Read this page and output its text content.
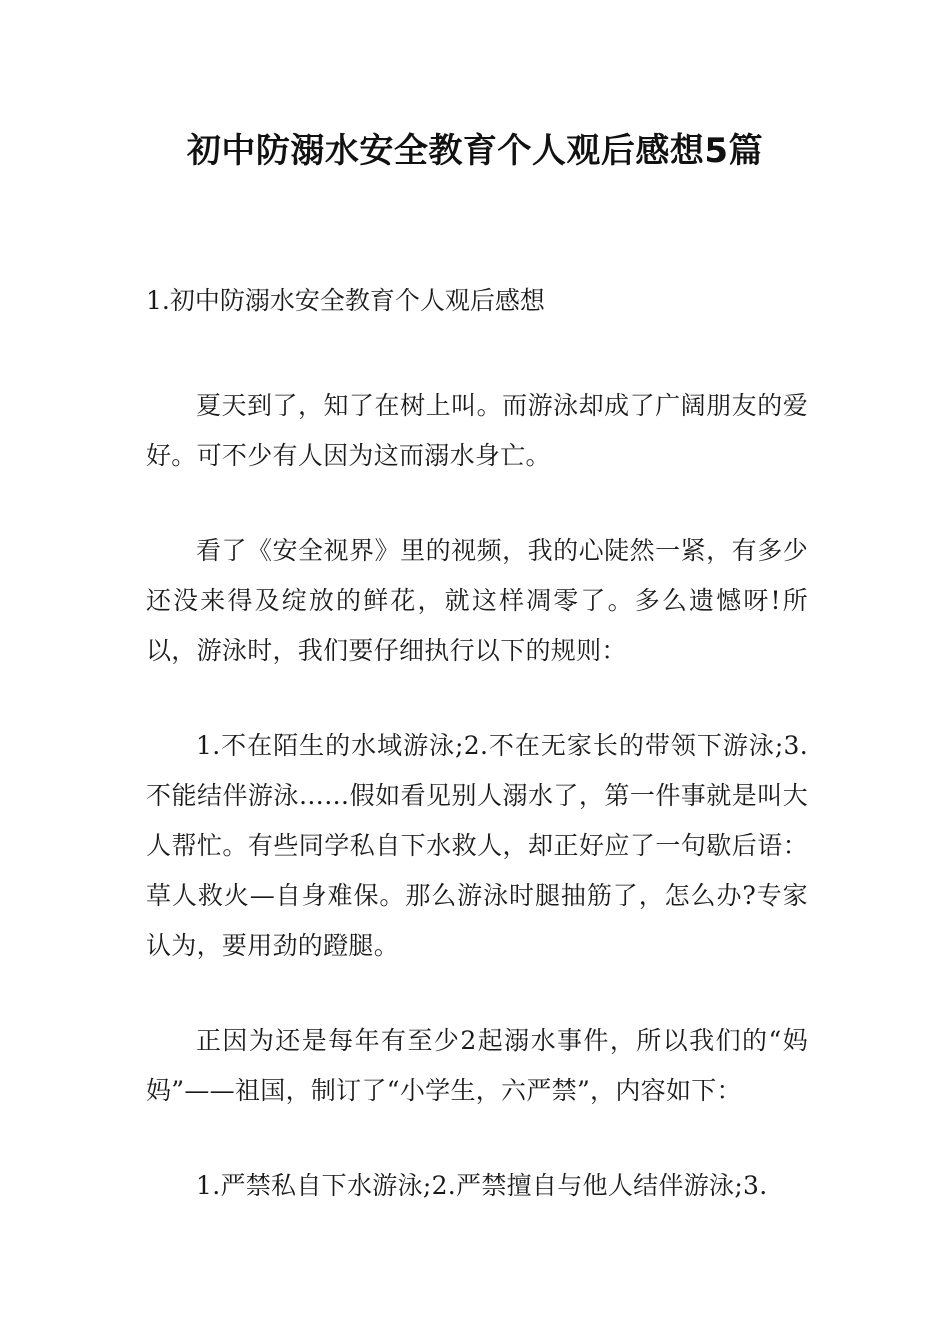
初中防溺水安全教育个人观后感想5篇

1.初中防溺水安全教育个人观后感想

夏天到了，知了在树上叫。而游泳却成了广阔朋友的爱好。可不少有人因为这而溺水身亡。

看了《安全视界》里的视频，我的心陡然一紧，有多少还没来得及绽放的鲜花，就这样凋零了。多么遗憾呀!所以，游泳时，我们要仔细执行以下的规则：

1.不在陌生的水域游泳;2.不在无家长的带领下游泳;3.不能结伴游泳……假如看见别人溺水了，第一件事就是叫大人帮忙。有些同学私自下水救人，却正好应了一句歇后语：草人救火—自身难保。那么游泳时腿抽筋了，怎么办?专家认为，要用劲的蹬腿。

正因为还是每年有至少2起溺水事件，所以我们的“妈妈”——祖国，制订了“小学生，六严禁”，内容如下：

1.严禁私自下水游泳;2.严禁擅自与他人结伴游泳;3.
